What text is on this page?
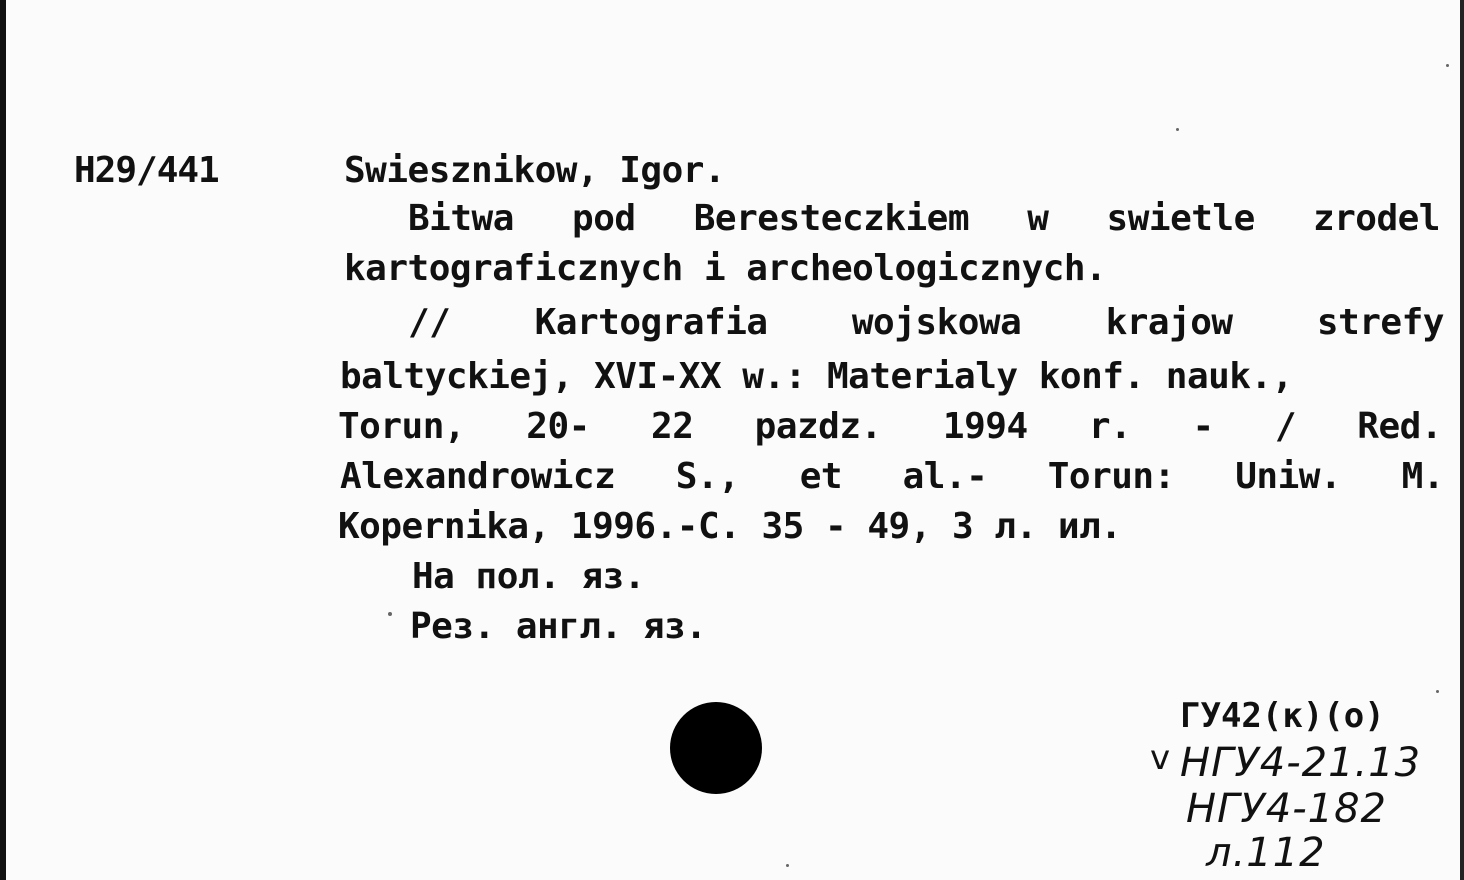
H29/441	Swiesznikow, Igor.
Bitwa pod Beresteczkiem w swietle zrodel
kartograficznych i archeologicznych.
// Kartografia wojskowa krajow strefy
baltyckiej, XVI-XX w.: Materialy konf. nauk.,
Torun, 20- 22 pazdz. 1994 r. - / Red.
Alexandrowicz S., et al.- Torun: Uniw. M.
Kopernika, 1996.-С. 35 - 49, 3 л. ил.
На пол. яз.
Рез. англ. яз.
ГУ42(к)(о)
v НГУ4-21.13
НГУ4-182
л.112
